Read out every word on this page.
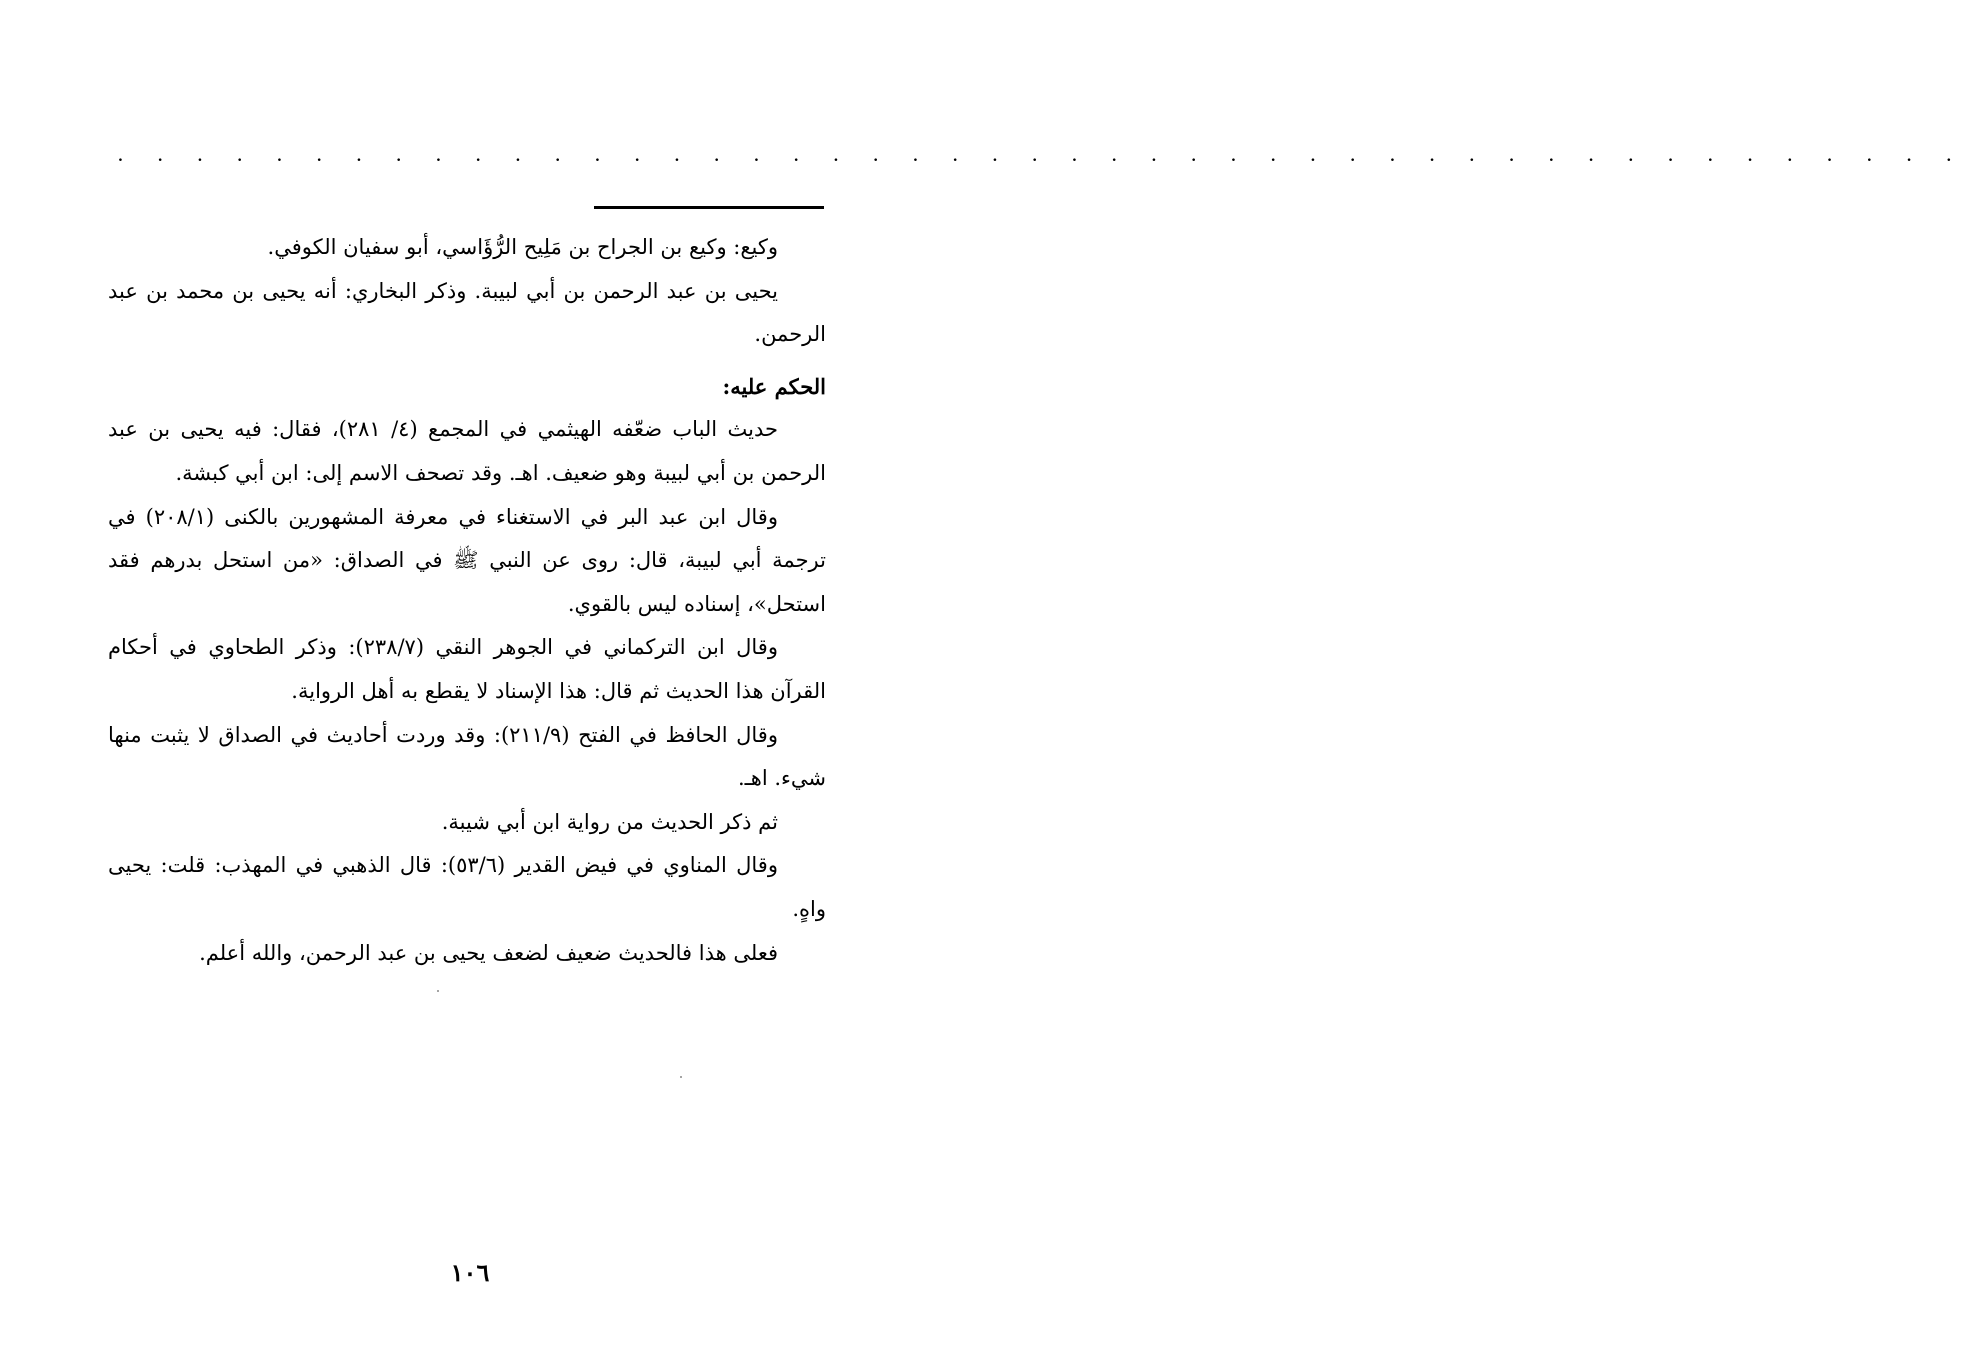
. . . . . . . . . . . . . . . . . . . . . . . . . . . . . . . . . . . . . . . . . . . . . . .

وكيع: وكيع بن الجراح بن مَلِيح الرُّؤَاسي، أبو سفيان الكوفي.

يحيى بن عبد الرحمن بن أبي لبيبة. وذكر البخاري: أنه يحيى بن محمد بن عبد الرحمن.

الحكم عليه:

حديث الباب ضعّفه الهيثمي في المجمع (٤/ ٢٨١)، فقال: فيه يحيى بن عبد الرحمن بن أبي لبيبة وهو ضعيف. اهـ. وقد تصحف الاسم إلى: ابن أبي كبشة.

وقال ابن عبد البر في الاستغناء في معرفة المشهورين بالكنى (٢٠٨/١) في ترجمة أبي لبيبة، قال: روى عن النبي ﷺ في الصداق: «من استحل بدرهم فقد استحل»، إسناده ليس بالقوي.

وقال ابن التركماني في الجوهر النقي (٢٣٨/٧): وذكر الطحاوي في أحكام القرآن هذا الحديث ثم قال: هذا الإسناد لا يقطع به أهل الرواية.

وقال الحافظ في الفتح (٢١١/٩): وقد وردت أحاديث في الصداق لا يثبت منها شيء. اهـ.

ثم ذكر الحديث من رواية ابن أبي شيبة.

وقال المناوي في فيض القدير (٥٣/٦): قال الذهبي في المهذب: قلت: يحيى واهٍ.

فعلى هذا فالحديث ضعيف لضعف يحيى بن عبد الرحمن، والله أعلم.

١٠٦
